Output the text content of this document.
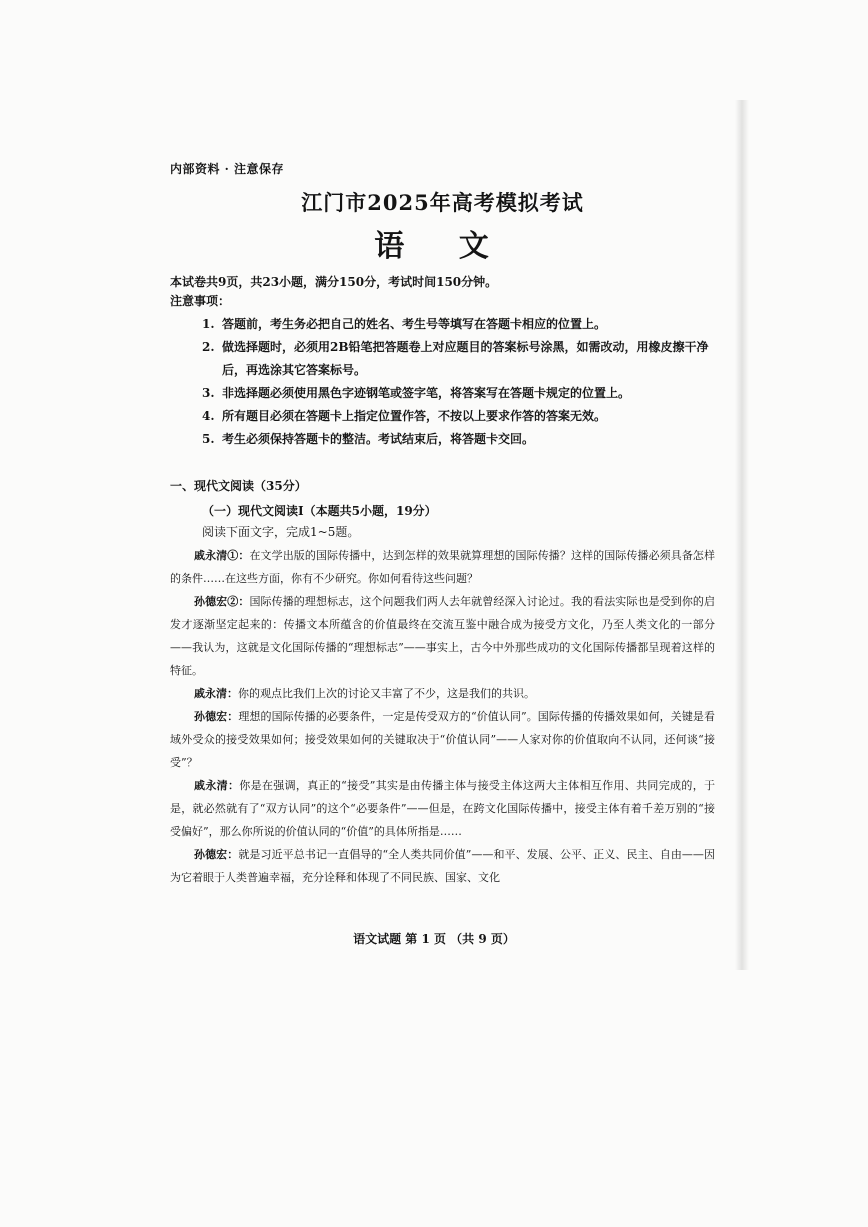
内部资料 · 注意保存
江门市2025年高考模拟考试
语 文
本试卷共9页，共23小题，满分150分，考试时间150分钟。
注意事项：
1. 答题前，考生务必把自己的姓名、考生号等填写在答题卡相应的位置上。
2. 做选择题时，必须用2B铅笔把答题卷上对应题目的答案标号涂黑，如需改动，用橡皮擦干净后，再选涂其它答案标号。
3. 非选择题必须使用黑色字迹钢笔或签字笔，将答案写在答题卡规定的位置上。
4. 所有题目必须在答题卡上指定位置作答，不按以上要求作答的答案无效。
5. 考生必须保持答题卡的整洁。考试结束后，将答题卡交回。
一、现代文阅读（35分）
（一）现代文阅读Ⅰ（本题共5小题，19分）
阅读下面文字，完成1~5题。

戚永清①：在文学出版的国际传播中，达到怎样的效果就算理想的国际传播？这样的国际传播必须具备怎样的条件……在这些方面，你有不少研究。你如何看待这些问题？

孙德宏②：国际传播的理想标志，这个问题我们两人去年就曾经深入讨论过。我的看法实际也是受到你的启发才逐渐坚定起来的：传播文本所蕴含的价值最终在交流互鉴中融合成为接受方文化，乃至人类文化的一部分——我认为，这就是文化国际传播的“理想标志”——事实上，古今中外那些成功的文化国际传播都呈现着这样的特征。

戚永清：你的观点比我们上次的讨论又丰富了不少，这是我们的共识。

孙德宏：理想的国际传播的必要条件，一定是传受双方的“价值认同”。国际传播的传播效果如何，关键是看域外受众的接受效果如何；接受效果如何的关键取决于“价值认同”——人家对你的价值取向不认同，还何谈“接受”？

戚永清：你是在强调，真正的“接受”其实是由传播主体与接受主体这两大主体相互作用、共同完成的，于是，就必然就有了“双方认同”的这个“必要条件”——但是，在跨文化国际传播中，接受主体有着千差万别的“接受偏好”，那么你所说的价值认同的“价值”的具体所指是……

孙德宏：就是习近平总书记一直倡导的“全人类共同价值”——和平、发展、公平、正义、民主、自由——因为它着眼于人类普遍幸福，充分诠释和体现了不同民族、国家、文化

语文试题 第 1 页 （共 9 页）
